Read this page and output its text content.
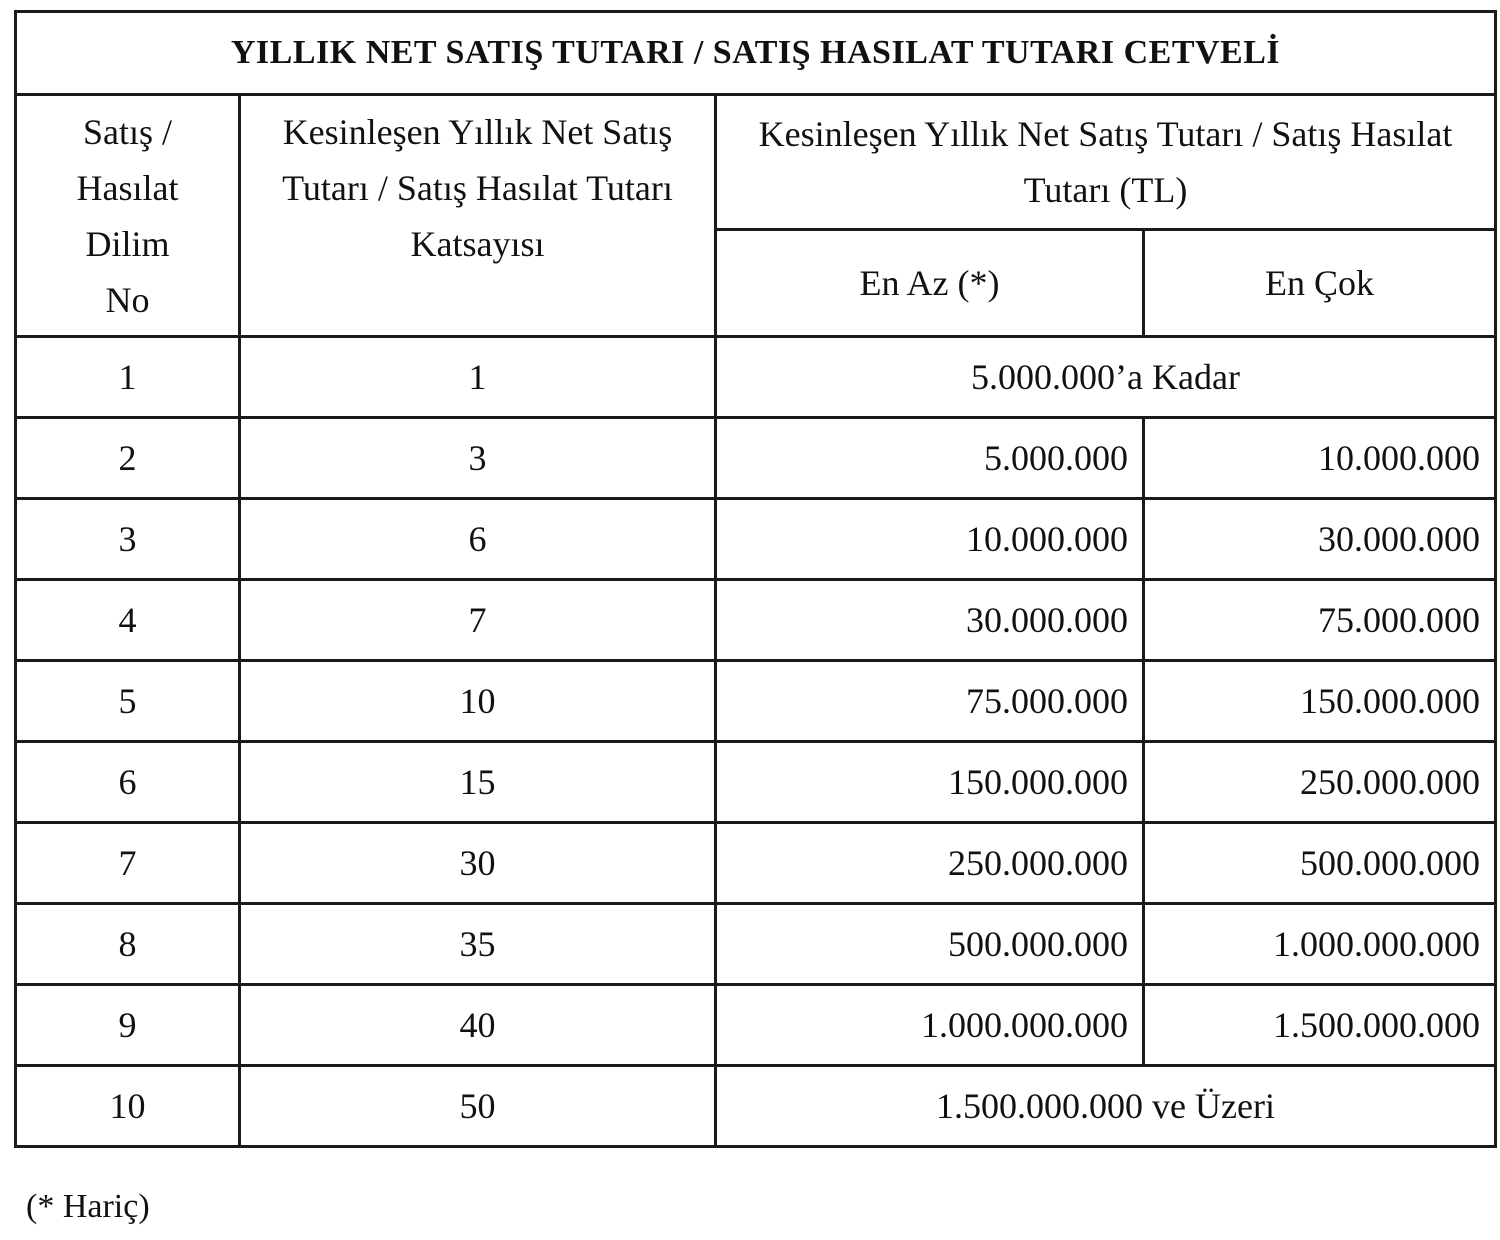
YILLIK NET SATIŞ TUTARI / SATIŞ HASILAT TUTARI CETVELİ			

Satış /
Hasılat
Dilim
No	Kesinleşen Yıllık Net Satış Tutarı / Satış Hasılat Tutarı Katsayısı	Kesinleşen Yıllık Net Satış Tutarı / Satış Hasılat Tutarı (TL)	
		En Az (*)	En Çok
1	1	5.000.000’a Kadar	
2	3	5.000.000	10.000.000
3	6	10.000.000	30.000.000
4	7	30.000.000	75.000.000
5	10	75.000.000	150.000.000
6	15	150.000.000	250.000.000
7	30	250.000.000	500.000.000
8	35	500.000.000	1.000.000.000
9	40	1.000.000.000	1.500.000.000
10	50	1.500.000.000 ve Üzeri	
(* Hariç)
